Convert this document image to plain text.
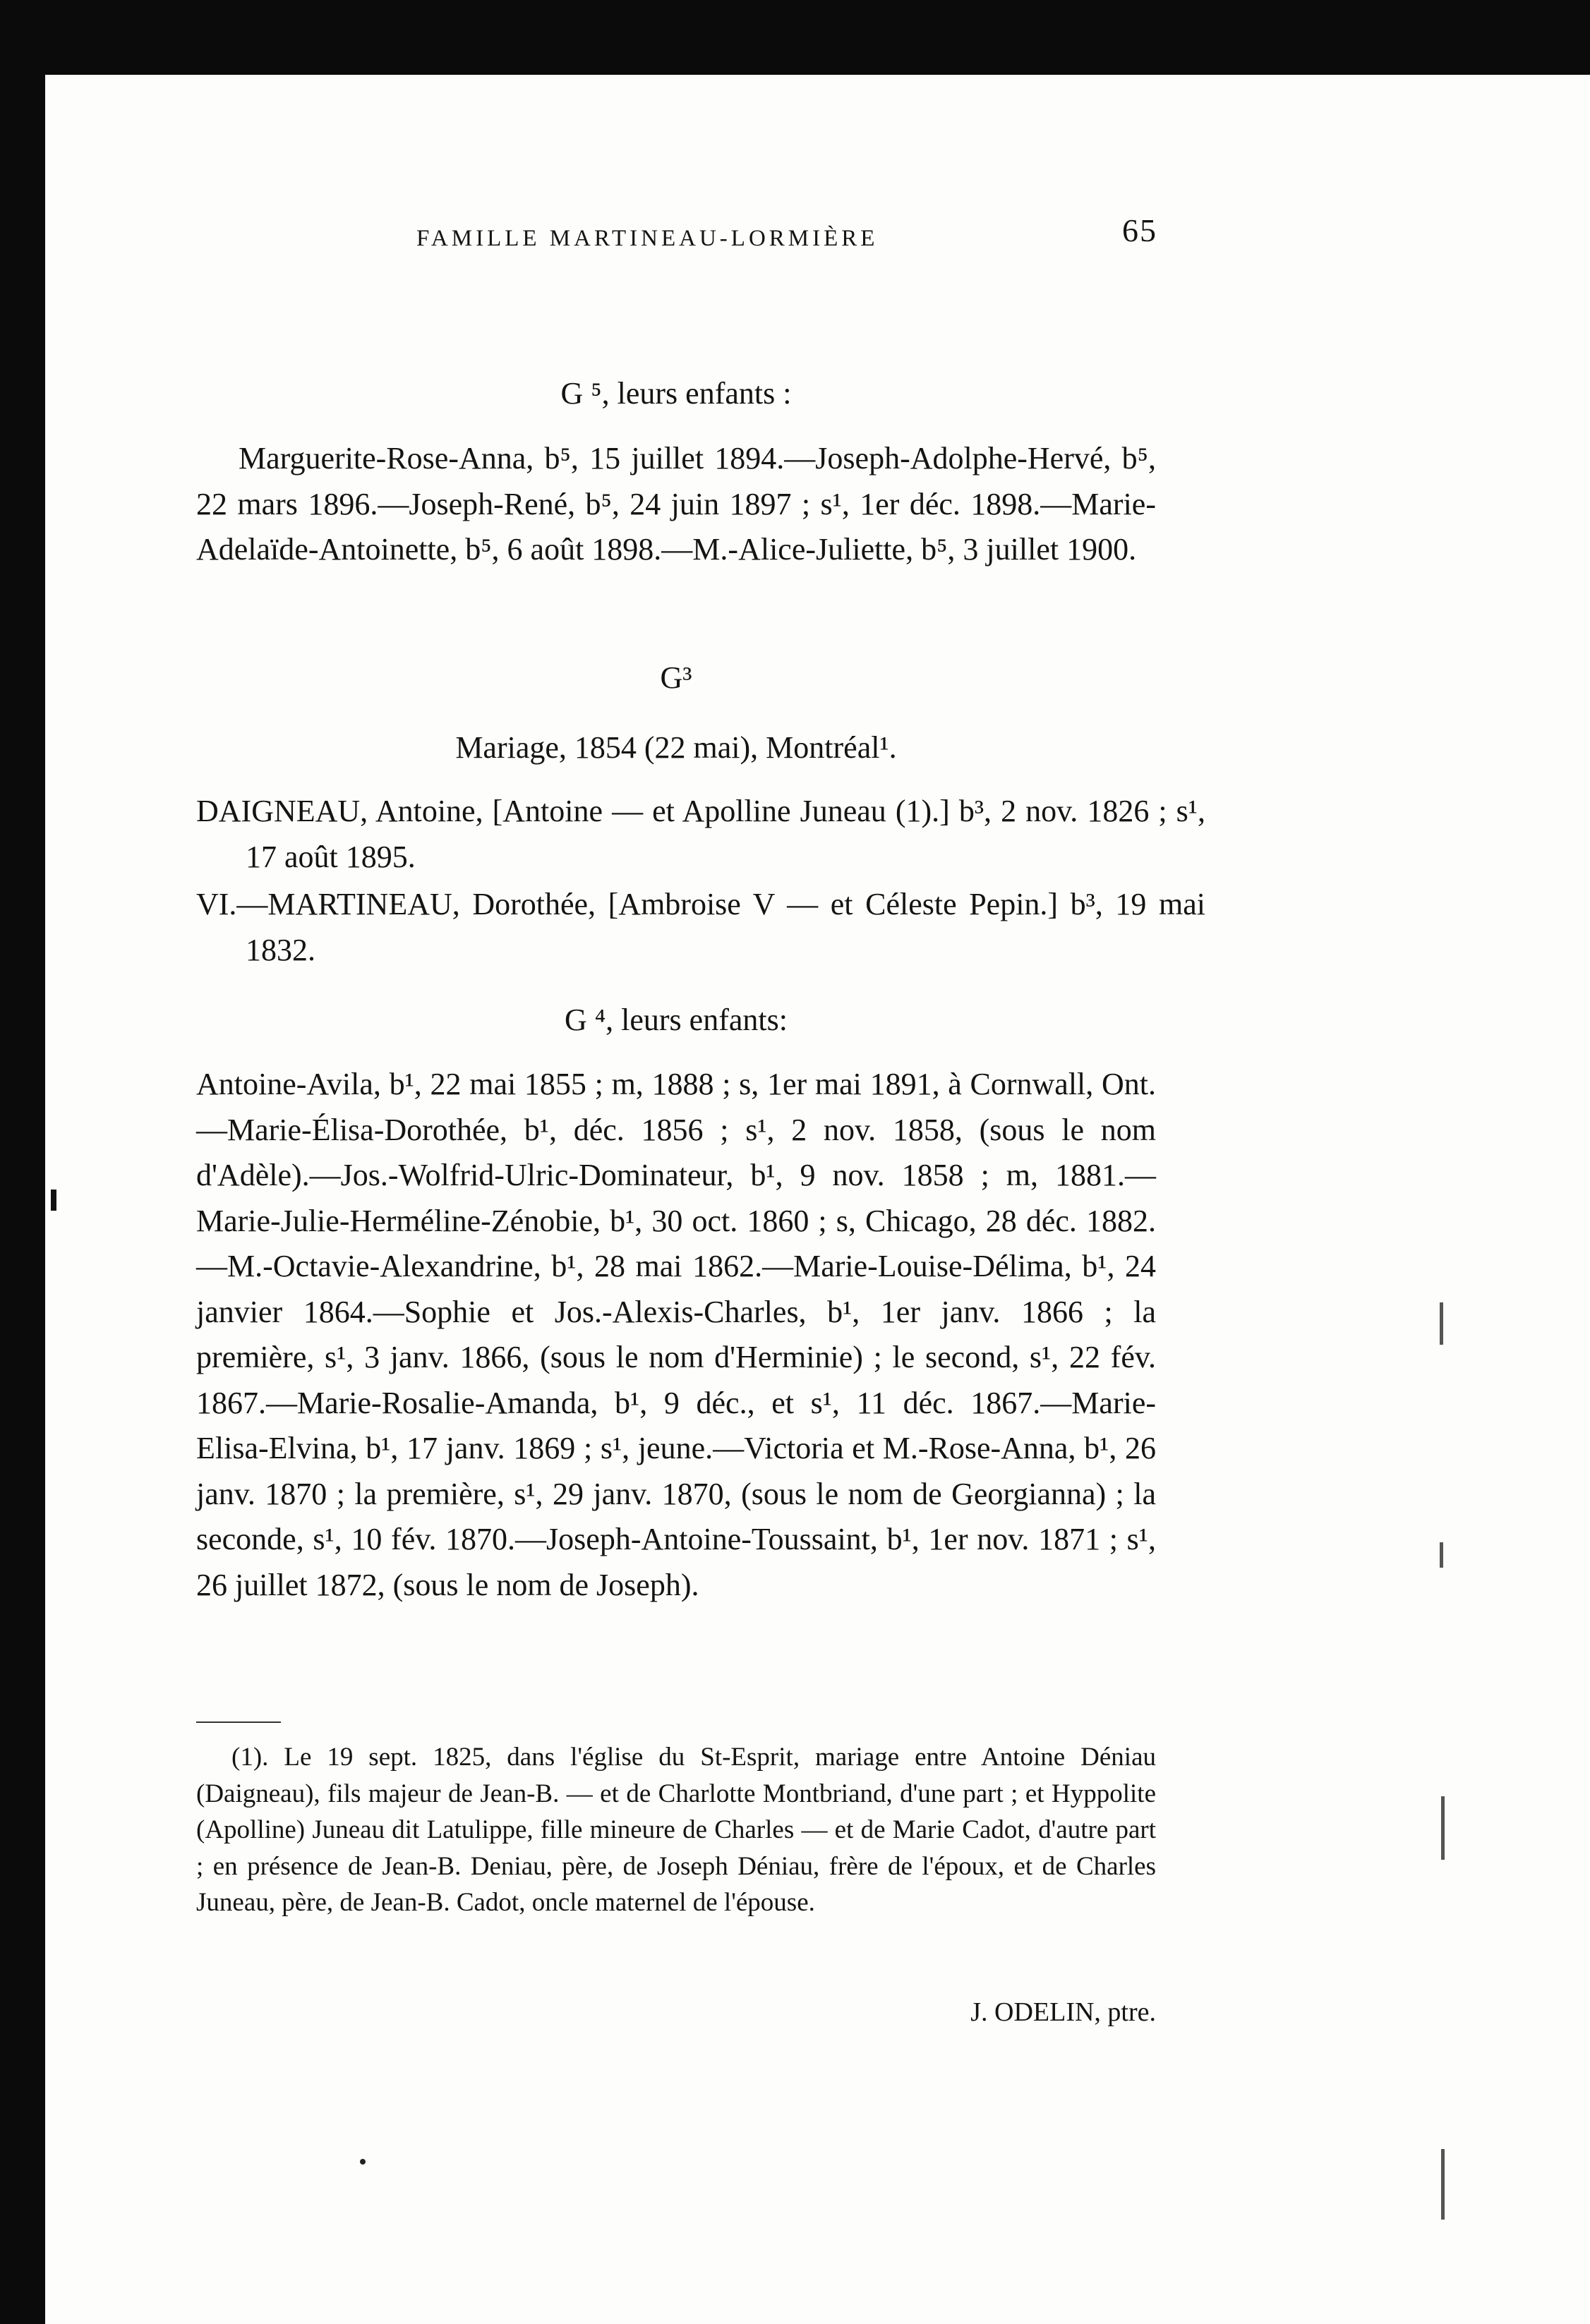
FAMILLE MARTINEAU-LORMIÈRE	65
G ⁵, leurs enfants :
Marguerite-Rose-Anna, b⁵, 15 juillet 1894.—Joseph-Adolphe-Hervé, b⁵, 22 mars 1896.—Joseph-René, b⁵, 24 juin 1897 ; s¹, 1er déc. 1898.—Marie-Adelaïde-Antoinette, b⁵, 6 août 1898.—M.-Alice-Juliette, b⁵, 3 juillet 1900.
G³
Mariage, 1854 (22 mai), Montréal¹.
DAIGNEAU, Antoine, [Antoine — et Apolline Juneau (1).] b³, 2 nov. 1826 ; s¹, 17 août 1895.
VI.—MARTINEAU, Dorothée, [Ambroise V — et Céleste Pepin.] b³, 19 mai 1832.
G ⁴, leurs enfants:
Antoine-Avila, b¹, 22 mai 1855 ; m, 1888 ; s, 1er mai 1891, à Cornwall, Ont.—Marie-Élisa-Dorothée, b¹, déc. 1856 ; s¹, 2 nov. 1858, (sous le nom d'Adèle).—Jos.-Wolfrid-Ulric-Dominateur, b¹, 9 nov. 1858 ; m, 1881.—Marie-Julie-Herméline-Zénobie, b¹, 30 oct. 1860 ; s, Chicago, 28 déc. 1882.—M.-Octavie-Alexandrine, b¹, 28 mai 1862.—Marie-Louise-Délima, b¹, 24 janvier 1864.—Sophie et Jos.-Alexis-Charles, b¹, 1er janv. 1866 ; la première, s¹, 3 janv. 1866, (sous le nom d'Herminie) ; le second, s¹, 22 fév. 1867.—Marie-Rosalie-Amanda, b¹, 9 déc., et s¹, 11 déc. 1867.—Marie-Elisa-Elvina, b¹, 17 janv. 1869 ; s¹, jeune.—Victoria et M.-Rose-Anna, b¹, 26 janv. 1870 ; la première, s¹, 29 janv. 1870, (sous le nom de Georgianna) ; la seconde, s¹, 10 fév. 1870.—Joseph-Antoine-Toussaint, b¹, 1er nov. 1871 ; s¹, 26 juillet 1872, (sous le nom de Joseph).
(1). Le 19 sept. 1825, dans l'église du St-Esprit, mariage entre Antoine Déniau (Daigneau), fils majeur de Jean-B. — et de Charlotte Montbriand, d'une part ; et Hyppolite (Apolline) Juneau dit Latulippe, fille mineure de Charles — et de Marie Cadot, d'autre part ; en présence de Jean-B. Deniau, père, de Joseph Déniau, frère de l'époux, et de Charles Juneau, père, de Jean-B. Cadot, oncle maternel de l'épouse.
J. ODELIN, ptre.
